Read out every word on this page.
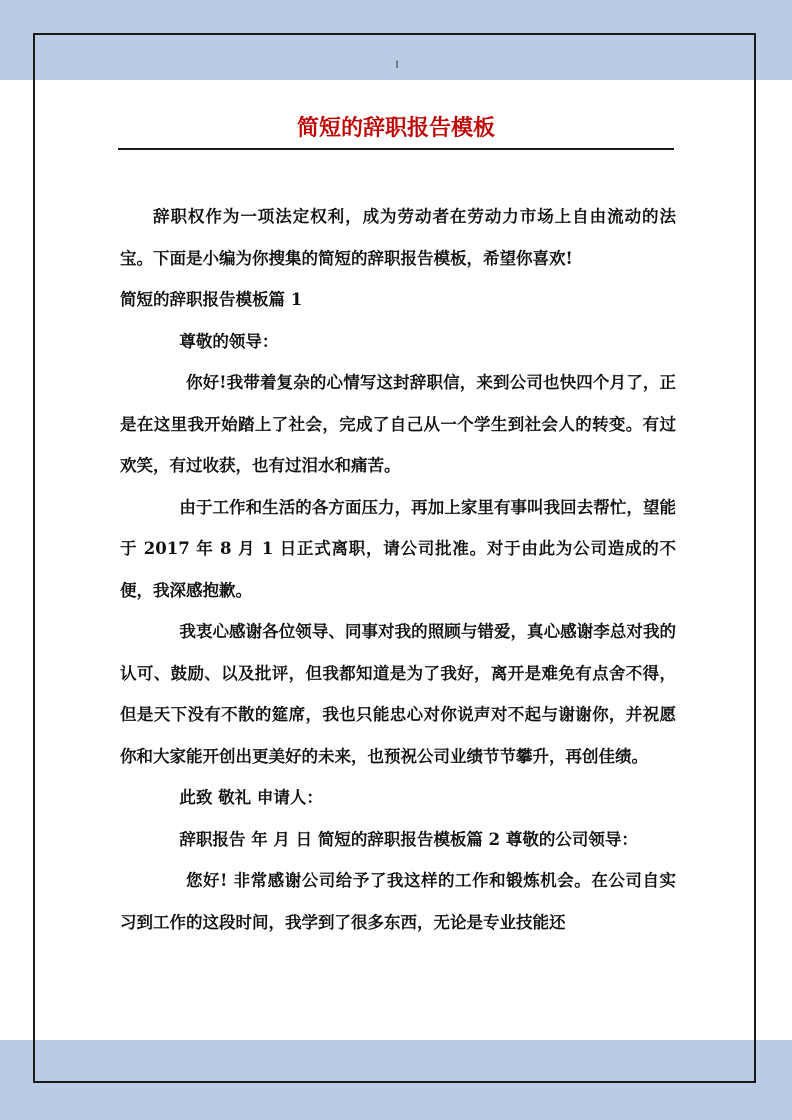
I
简短的辞职报告模板

辞职权作为一项法定权利，成为劳动者在劳动力市场上自由流动的法宝。下面是小编为你搜集的简短的辞职报告模板，希望你喜欢!

简短的辞职报告模板篇 1

尊敬的领导：

你好!我带着复杂的心情写这封辞职信，来到公司也快四个月了，正是在这里我开始踏上了社会，完成了自己从一个学生到社会人的转变。有过欢笑，有过收获，也有过泪水和痛苦。

由于工作和生活的各方面压力，再加上家里有事叫我回去帮忙，望能于 2017 年 8 月 1 日正式离职，请公司批准。对于由此为公司造成的不便，我深感抱歉。

我衷心感谢各位领导、同事对我的照顾与错爱，真心感谢李总对我的认可、鼓励、以及批评，但我都知道是为了我好，离开是难免有点舍不得，但是天下没有不散的筵席，我也只能忠心对你说声对不起与谢谢你，并祝愿你和大家能开创出更美好的未来，也预祝公司业绩节节攀升，再创佳绩。

此致 敬礼 申请人：

辞职报告 年 月 日 简短的辞职报告模板篇 2 尊敬的公司领导：

您好! 非常感谢公司给予了我这样的工作和锻炼机会。在公司自实习到工作的这段时间，我学到了很多东西，无论是专业技能还
